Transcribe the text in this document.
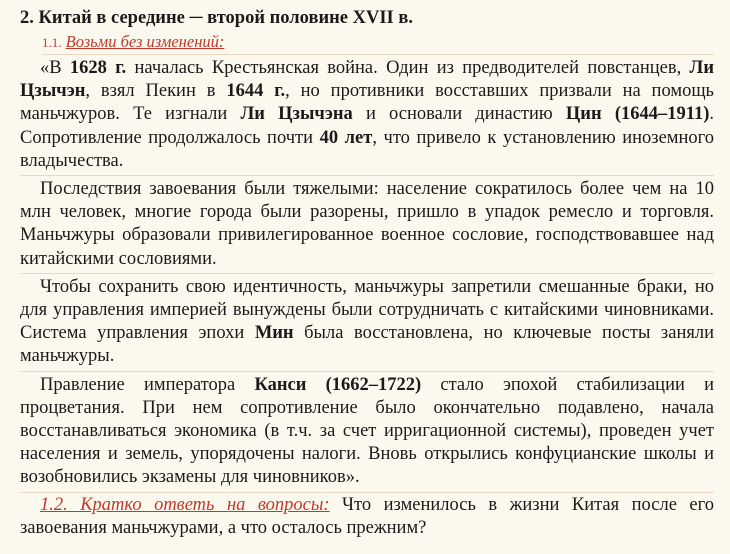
2. Китай в середине ─ второй половине XVII в.
1.1. Возьми без изменений:

«В 1628 г. началась Крестьянская война. Один из предводителей повстанцев, Ли Цзычэн, взял Пекин в 1644 г., но противники восставших призвали на помощь маньчжуров. Те изгнали Ли Цзычэна и основали династию Цин (1644–1911). Сопротивление продолжалось почти 40 лет, что привело к установлению иноземного владычества.

Последствия завоевания были тяжелыми: население сократилось более чем на 10 млн человек, многие города были разорены, пришло в упадок ремесло и торговля. Маньчжуры образовали привилегированное военное сословие, господствовавшее над китайскими сословиями.

Чтобы сохранить свою идентичность, маньчжуры запретили смешанные браки, но для управления империей вынуждены были сотрудничать с китайскими чиновниками. Система управления эпохи Мин была восстановлена, но ключевые посты заняли маньчжуры.

Правление императора Канси (1662–1722) стало эпохой стабилизации и процветания. При нем сопротивление было окончательно подавлено, начала восстанавливаться экономика (в т.ч. за счет ирригационной системы), проведен учет населения и земель, упорядочены налоги. Вновь открылись конфуцианские школы и возобновились экзамены для чиновников».

1.2. Кратко ответь на вопросы: Что изменилось в жизни Китая после его завоевания маньчжурами, а что осталось прежним?
